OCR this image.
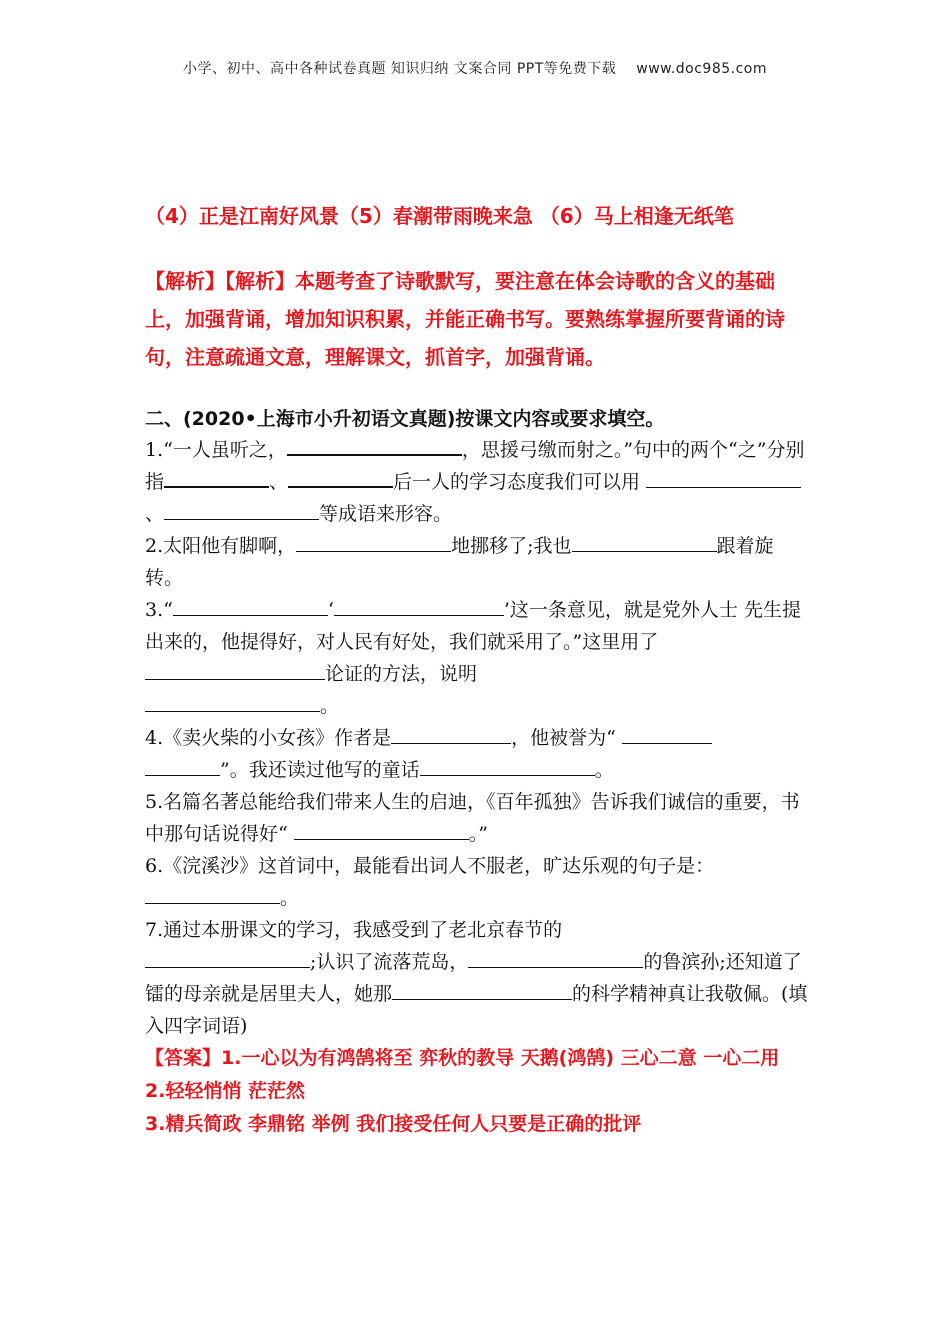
小学、初中、高中各种试卷真题 知识归纳 文案合同 PPT等免费下载 www.doc985.com

（4）正是江南好风景（5）春潮带雨晚来急 （6）马上相逢无纸笔

【解析】【解析】本题考查了诗歌默写，要注意在体会诗歌的含义的基础上，加强背诵，增加知识积累，并能正确书写。要熟练掌握所要背诵的诗句，注意疏通文意，理解课文，抓首字，加强背诵。

二、(2020•上海市小升初语文真题)按课文内容或要求填空。

1.“一人虽听之，	，思援弓缴而射之。”句中的两个“之”分别指	、	后一人的学习态度我们可以用 、	等成语来形容。

2.太阳他有脚啊，	地挪移了;我也	跟着旋转。

3.“	‘	’这一条意见，就是党外人士 先生提出来的，他提得好，对人民有好处，我们就采用了。”这里用了论证的方法，说明
。

4.《卖火柴的小女孩》作者是	，他被誉为“
”。我还读过他写的童话	。

5.名篇名著总能给我们带来人生的启迪，《百年孤独》告诉我们诚信的重要，书中那句话说得好“	。”

6.《浣溪沙》这首词中，最能看出词人不服老，旷达乐观的句子是：
。

7.通过本册课文的学习，我感受到了老北京春节的
;认识了流落荒岛，	的鲁滨孙;还知道了镭的母亲就是居里夫人，她那	的科学精神真让我敬佩。(填入四字词语)

【答案】1.一心以为有鸿鹄将至 弈秋的教导 天鹅(鸿鹄) 三心二意 一心二用
2.轻轻悄悄 茫茫然
3.精兵简政 李鼎铭 举例 我们接受任何人只要是正确的批评
